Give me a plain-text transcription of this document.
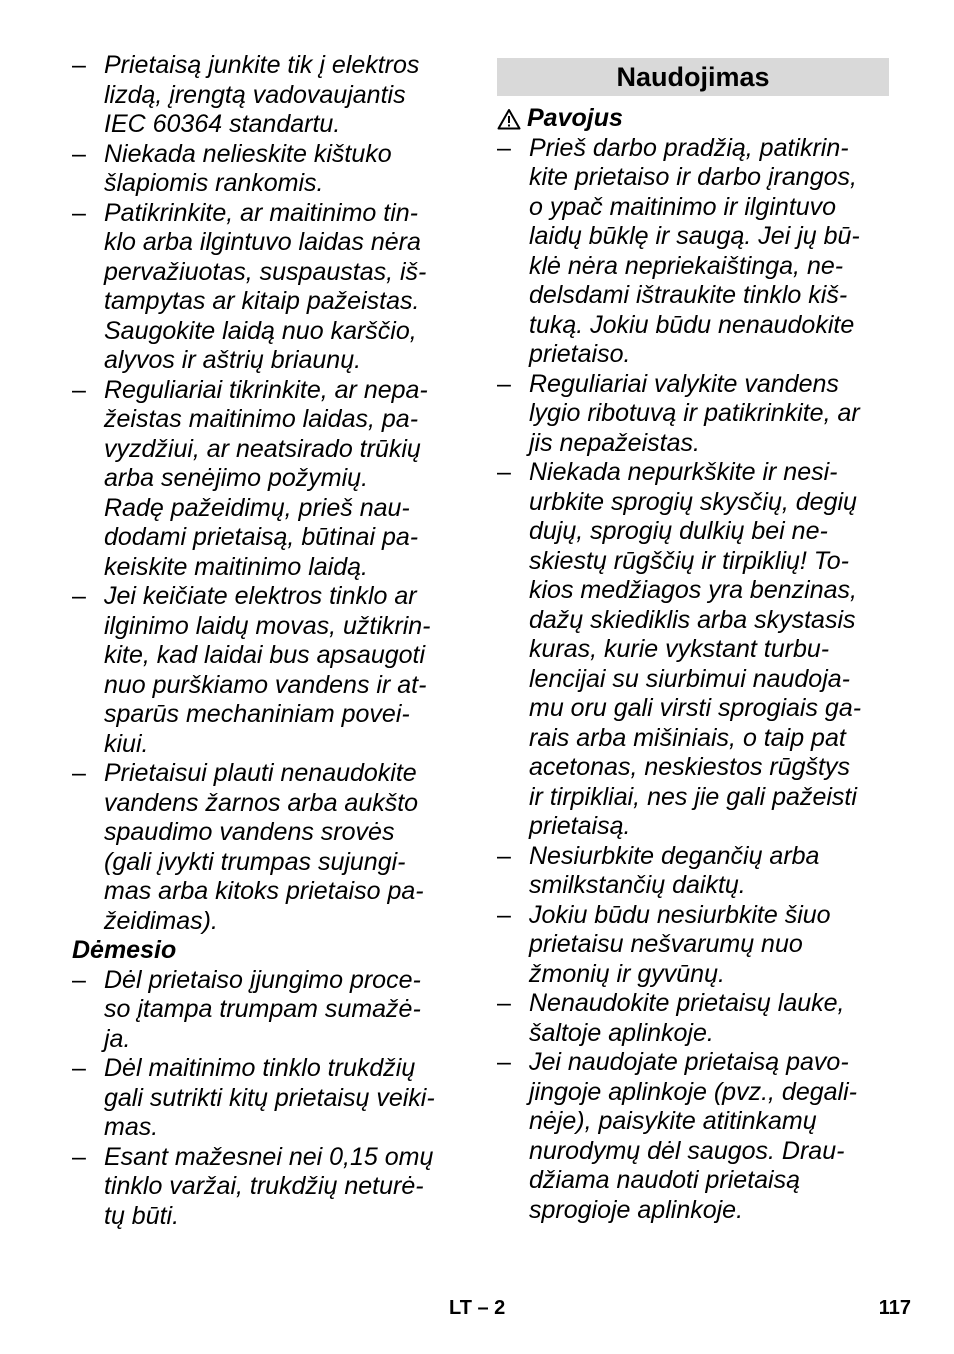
– Prietaisą junkite tik į elektros
lizdą, įrengtą vadovaujantis
IEC 60364 standartu.
– Niekada nelieskite kištuko
šlapiomis rankomis.
– Patikrinkite, ar maitinimo tin-
klo arba ilgintuvo laidas nėra
pervažiuotas, suspaustas, iš-
tampytas ar kitaip pažeistas.
Saugokite laidą nuo karščio,
alyvos ir aštrių briaunų.
– Reguliariai tikrinkite, ar nepa-
žeistas maitinimo laidas, pa-
vyzdžiui, ar neatsirado trūkių
arba senėjimo požymių.
Radę pažeidimų, prieš nau-
dodami prietaisą, būtinai pa-
keiskite maitinimo laidą.
– Jei keičiate elektros tinklo ar
ilginimo laidų movas, užtikrin-
kite, kad laidai bus apsaugoti
nuo purškiamo vandens ir at-
sparūs mechaniniam povei-
kiui.
– Prietaisui plauti nenaudokite
vandens žarnos arba aukšto
spaudimo vandens srovės
(gali įvykti trumpas sujungi-
mas arba kitoks prietaiso pa-
žeidimas).
Dėmesio
– Dėl prietaiso įjungimo proce-
so įtampa trumpam sumažė-
ja.
– Dėl maitinimo tinklo trukdžių
gali sutrikti kitų prietaisų veiki-
mas.
– Esant mažesnei nei 0,15 omų
tinklo varžai, trukdžių neturė-
tų būti.
Naudojimas
Pavojus
– Prieš darbo pradžią, patikrin-
kite prietaiso ir darbo įrangos,
o ypač maitinimo ir ilgintuvo
laidų būklę ir saugą. Jei jų bū-
klė nėra nepriekaištinga, ne-
delsdami ištraukite tinklo kiš-
tuką. Jokiu būdu nenaudokite
prietaiso.
– Reguliariai valykite vandens
lygio ribotuvą ir patikrinkite, ar
jis nepažeistas.
– Niekada nepurkškite ir nesi-
urbkite sprogių skysčių, degių
dujų, sprogių dulkių bei ne-
skiestų rūgščių ir tirpiklių! To-
kios medžiagos yra benzinas,
dažų skiediklis arba skystasis
kuras, kurie vykstant turbu-
lencijai su siurbimui naudoja-
mu oru gali virsti sprogiais ga-
rais arba mišiniais, o taip pat
acetonas, neskiestos rūgštys
ir tirpikliai, nes jie gali pažeisti
prietaisą.
– Nesiurbkite degančių arba
smilkstančių daiktų.
– Jokiu būdu nesiurbkite šiuo
prietaisu nešvarumų nuo
žmonių ir gyvūnų.
– Nenaudokite prietaisų lauke,
šaltoje aplinkoje.
– Jei naudojate prietaisą pavo-
jingoje aplinkoje (pvz., degali-
nėje), paisykite atitinkamų
nurodymų dėl saugos. Drau-
džiama naudoti prietaisą
sprogioje aplinkoje.
LT – 2	117
